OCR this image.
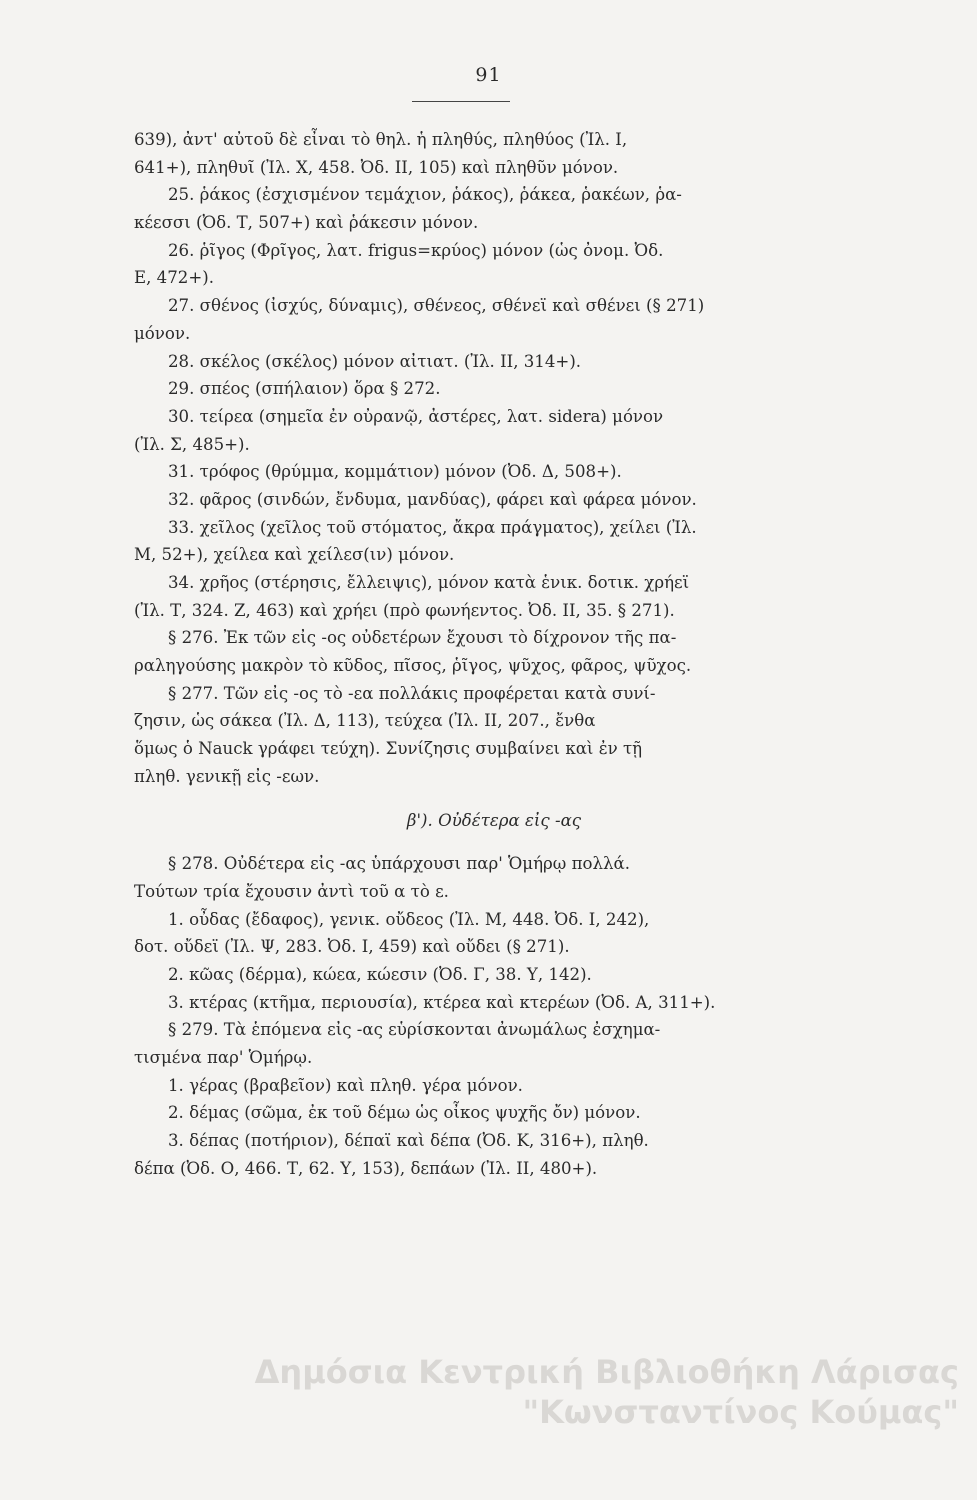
91
639), ἀντ' αὐτοῦ δὲ εἶναι τὸ θηλ. ἡ πληθύς, πληθύος (Ἰλ. Ι,
641+), πληθυῖ (Ἰλ. Χ, 458. Ὀδ. ΙΙ, 105) καὶ πληθῦν μόνον.
25. ῥάκος (ἐσχισμένον τεμάχιον, ῥάκος), ῥάκεα, ῥακέων, ῥα-
κέεσσι (Ὀδ. Τ, 507+) καὶ ῥάκεσιν μόνον.
26. ῥῖγος (Φρῖγος, λατ. frigus=κρύος) μόνον (ὡς ὀνομ. Ὀδ.
Ε, 472+).
27. σθένος (ἰσχύς, δύναμις), σθένεος, σθένεϊ καὶ σθένει (§ 271)
μόνον.
28. σκέλος (σκέλος) μόνον αἰτιατ. (Ἰλ. ΙΙ, 314+).
29. σπέος (σπήλαιον) ὅρα § 272.
30. τείρεα (σημεῖα ἐν οὐρανῷ, ἀστέρες, λατ. sidera) μόνον
(Ἰλ. Σ, 485+).
31. τρόφος (θρύμμα, κομμάτιον) μόνον (Ὀδ. Δ, 508+).
32. φᾶρος (σινδών, ἔνδυμα, μανδύας), φάρει καὶ φάρεα μόνον.
33. χεῖλος (χεῖλος τοῦ στόματος, ἄκρα πράγματος), χείλει (Ἰλ.
Μ, 52+), χείλεα καὶ χείλεσ(ιν) μόνον.
34. χρῆος (στέρησις, ἔλλειψις), μόνον κατὰ ἑνικ. δοτικ. χρήεϊ
(Ἰλ. Τ, 324. Ζ, 463) καὶ χρήει (πρὸ φωνήεντος. Ὀδ. ΙΙ, 35. § 271).
§ 276. Ἐκ τῶν εἰς -ος οὐδετέρων ἔχουσι τὸ δίχρονον τῆς πα-
ραληγούσης μακρὸν τὸ κῦδος, πῖσος, ῥῖγος, ψῦχος, φᾶρος, ψῦχος.
§ 277. Τῶν εἰς -ος τὸ -εα πολλάκις προφέρεται κατὰ συνί-
ζησιν, ὡς σάκεα (Ἰλ. Δ, 113), τεύχεα (Ἰλ. ΙΙ, 207., ἔνθα
ὅμως ὁ Nauck γράφει τεύχη). Συνίζησις συμβαίνει καὶ ἐν τῇ
πληθ. γενικῇ εἰς -εων.
β'). Οὐδέτερα εἰς -ας
§ 278. Οὐδέτερα εἰς -ας ὑπάρχουσι παρ' Ὁμήρῳ πολλά.
Τούτων τρία ἔχουσιν ἀντὶ τοῦ α τὸ ε.
1. οὖδας (ἔδαφος), γενικ. οὔδεος (Ἰλ. Μ, 448. Ὀδ. Ι, 242),
δοτ. οὔδεϊ (Ἰλ. Ψ, 283. Ὀδ. Ι, 459) καὶ οὔδει (§ 271).
2. κῶας (δέρμα), κώεα, κώεσιν (Ὀδ. Γ, 38. Υ, 142).
3. κτέρας (κτῆμα, περιουσία), κτέρεα καὶ κτερέων (Ὀδ. Α, 311+).
§ 279. Τὰ ἑπόμενα εἰς -ας εὑρίσκονται ἀνωμάλως ἐσχημα-
τισμένα παρ' Ὁμήρῳ.
1. γέρας (βραβεῖον) καὶ πληθ. γέρα μόνον.
2. δέμας (σῶμα, ἐκ τοῦ δέμω ὡς οἶκος ψυχῆς ὄν) μόνον.
3. δέπας (ποτήριον), δέπαϊ καὶ δέπα (Ὀδ. Κ, 316+), πληθ.
δέπα (Ὀδ. Ο, 466. Τ, 62. Υ, 153), δεπάων (Ἰλ. ΙΙ, 480+).
Δημόσια Κεντρική Βιβλιοθήκη Λάρισας
"Κωνσταντίνος Κούμας"
